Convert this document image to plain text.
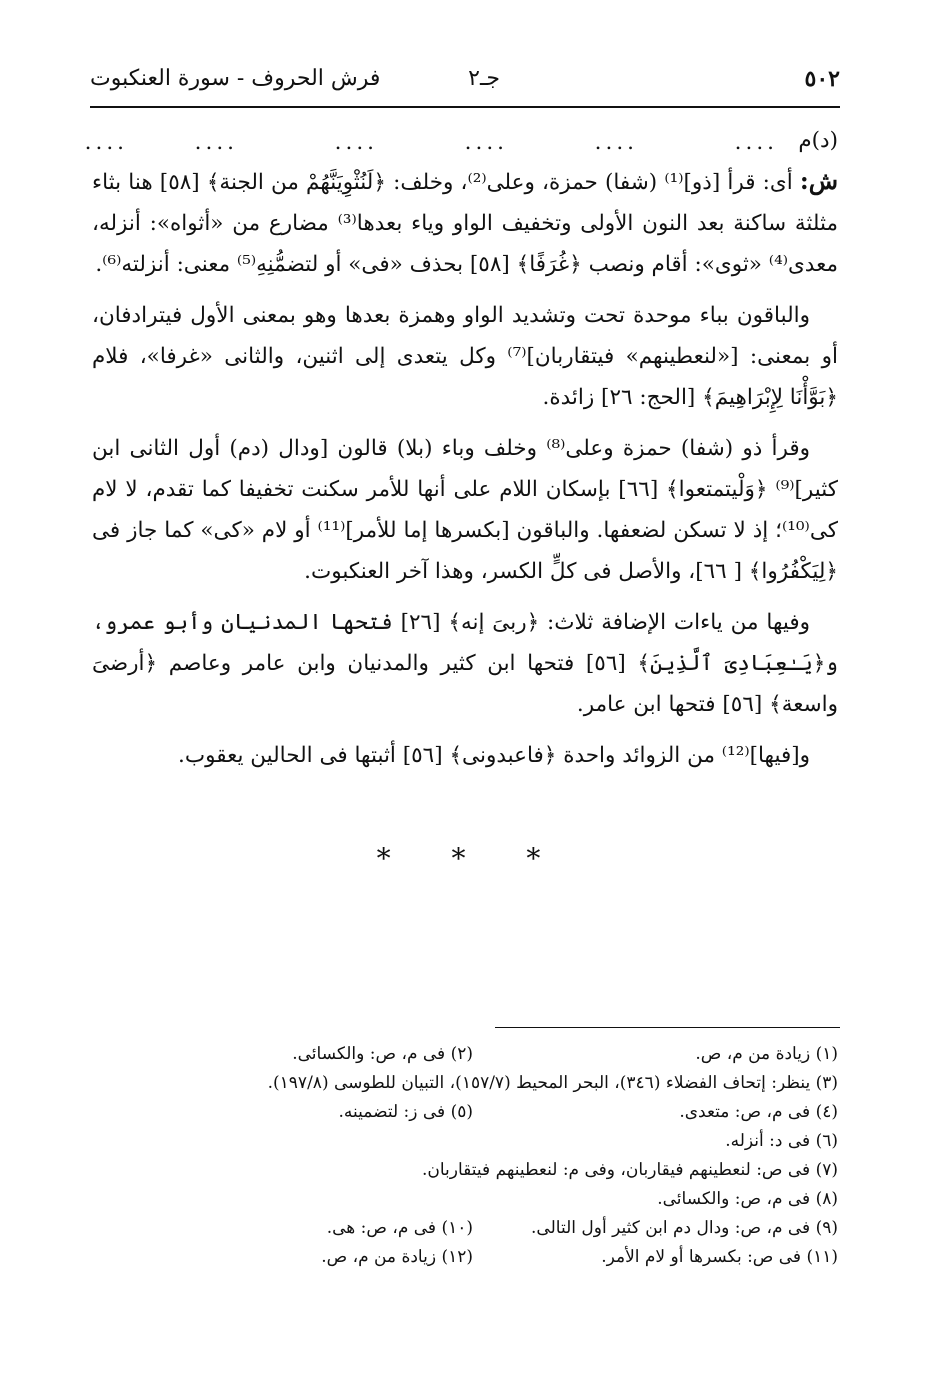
٥٠٢
جـ٢
فرش الحروف - سورة العنكبوت
(د)م
....
....
....
....
....
....

ش: أى: قرأ [ذو]⁽¹⁾ (شفا) حمزة، وعلى⁽²⁾، وخلف: ﴿لَنُثْوِيَنَّهُمْ من الجنة﴾ [٥٨] هنا بثاء مثلثة ساكنة بعد النون الأولى وتخفيف الواو وياء بعدها⁽³⁾ مضارع من «أثواه»: أنزله، معدى⁽⁴⁾ «ثوى»: أقام ونصب ﴿غُرَفًا﴾ [٥٨] بحذف «فى» أو لتضمُّنِهِ⁽⁵⁾ معنى: أنزلته⁽⁶⁾.

والباقون بباء موحدة تحت وتشديد الواو وهمزة بعدها وهو بمعنى الأول فيترادفان، أو بمعنى: [«لنعطينهم» فيتقاربان]⁽⁷⁾ وكل يتعدى إلى اثنين، والثانى «غرفا»، فلام ﴿بَوَّأْنَا لِإِبْرَاهِيمَ﴾ [الحج: ٢٦] زائدة.

وقرأ ذو (شفا) حمزة وعلى⁽⁸⁾ وخلف وباء (بلا) قالون [ودال (دم) أول الثانى ابن كثير]⁽⁹⁾ ﴿وَلْيتمتعوا﴾ [٦٦] بإسكان اللام على أنها للأمر سكنت تخفيفا كما تقدم، لا لام كى⁽¹⁰⁾؛ إذ لا تسكن لضعفها. والباقون [بكسرها إما للأمر]⁽¹¹⁾ أو لام «كى» كما جاز فى ﴿لِيَكْفُرُوا﴾ [ ٦٦]، والأصل فى كلٍّ الكسر، وهذا آخر العنكبوت.

وفيها من ياءات الإضافة ثلاث: ﴿ربىَ إنه﴾ [٢٦] فتحها المدنيان وأبو عمرو، و﴿يَـٰعِبَادِىَ ٱلَّذِينَ﴾ [٥٦] فتحها ابن كثير والمدنيان وابن عامر وعاصم ﴿أرضىَ واسعة﴾ [٥٦] فتحها ابن عامر.

و[فيها]⁽¹²⁾ من الزوائد واحدة ﴿فاعبدونى﴾ [٥٦] أثبتها فى الحالين يعقوب.

* * *
(١) زيادة من م، ص.
(٢) فى م، ص: والكسائى.
(٣) ينظر: إتحاف الفضلاء (٣٤٦)، البحر المحيط (١٥٧/٧)، التبيان للطوسى (١٩٧/٨).
(٤) فى م، ص: متعدى.
(٥) فى ز: لتضمينه.
(٦) فى د: أنزله.
(٧) فى ص: لنعطينهم فيقاربان، وفى م: لنعطينهم فيتقاربان.
(٨) فى م، ص: والكسائى.
(٩) فى م، ص: ودال دم ابن كثير أول التالى.
(١٠) فى م، ص: هى.
(١١) فى ص: بكسرها أو لام الأمر.
(١٢) زيادة من م، ص.
